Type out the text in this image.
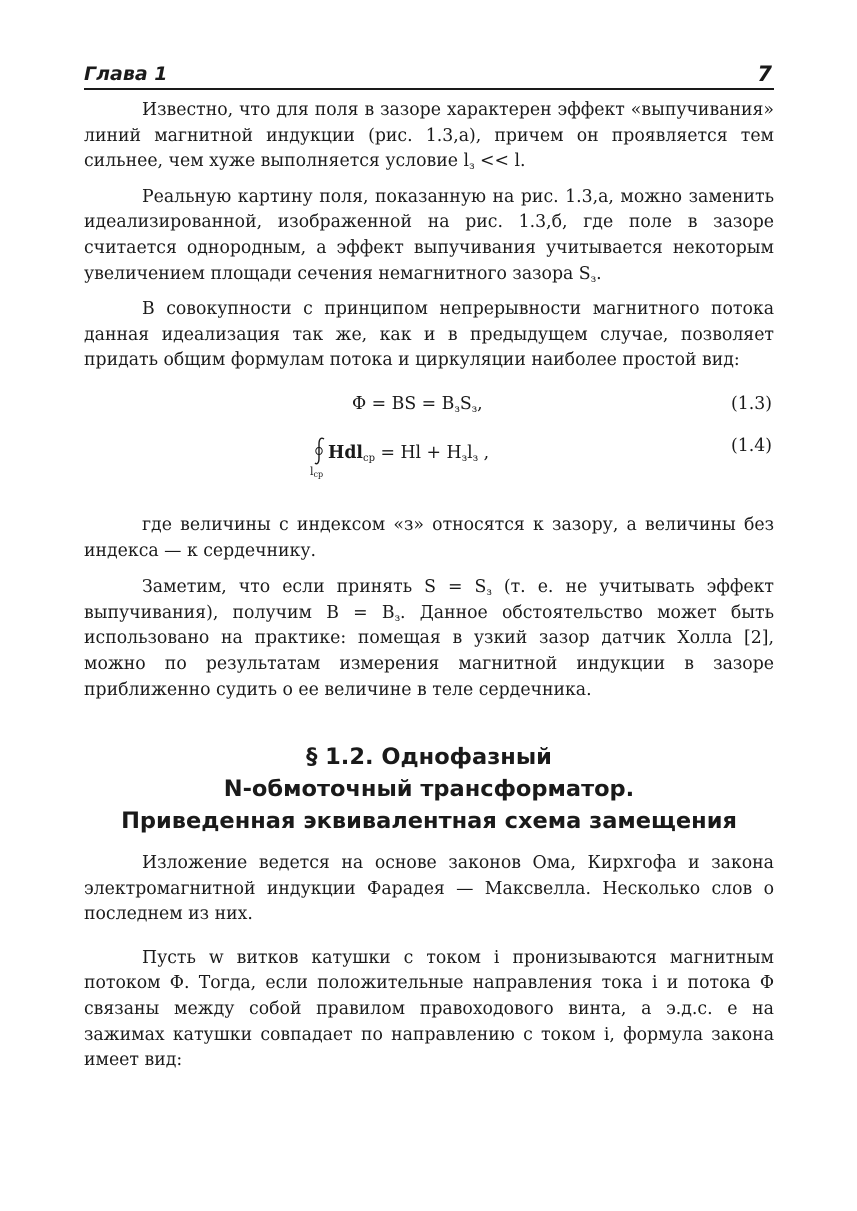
Глава 1	7

Известно, что для поля в зазоре характерен эффект «выпучивания» линий магнитной индукции (рис. 1.3,а), причем он проявляется тем сильнее, чем хуже выполняется условие $l_з << l$.

Реальную картину поля, показанную на рис. 1.3,а, можно заменить идеализированной, изображенной на рис. 1.3,б, где поле в зазоре считается однородным, а эффект выпучивания учитывается некоторым увеличением площади сечения немагнитного зазора $S_з$.

В совокупности с принципом непрерывности магнитного потока данная идеализация так же, как и в предыдущем случае, позволяет придать общим формулам потока и циркуляции наиболее простой вид:

Φ = BS = $B_зS_з$,	(1.3)
$l_{ср}$
$Hdl_{ср} = Hl + H_зl_з$ ,	(1.4)

где величины с индексом «з» относятся к зазору, а величины без индекса — к сердечнику.

Заметим, что если принять $S = S_з$ (т. е. не учитывать эффект выпучивания), получим $B = B_з$. Данное обстоятельство может быть использовано на практике: помещая в узкий зазор датчик Холла [2], можно по результатам измерения магнитной индукции в зазоре приближенно судить о ее величине в теле сердечника.

§ 1.2. Однофазный
N-обмоточный трансформатор.
Приведенная эквивалентная схема замещения

Изложение ведется на основе законов Ома, Кирхгофа и закона электромагнитной индукции Фарадея — Максвелла. Несколько слов о последнем из них.

Пусть w витков катушки с током i пронизываются магнитным потоком Φ. Тогда, если положительные направления тока i и потока Φ связаны между собой правилом правоходового винта, а э.д.с. e на зажимах катушки совпадает по направлению с током i, формула закона имеет вид:
